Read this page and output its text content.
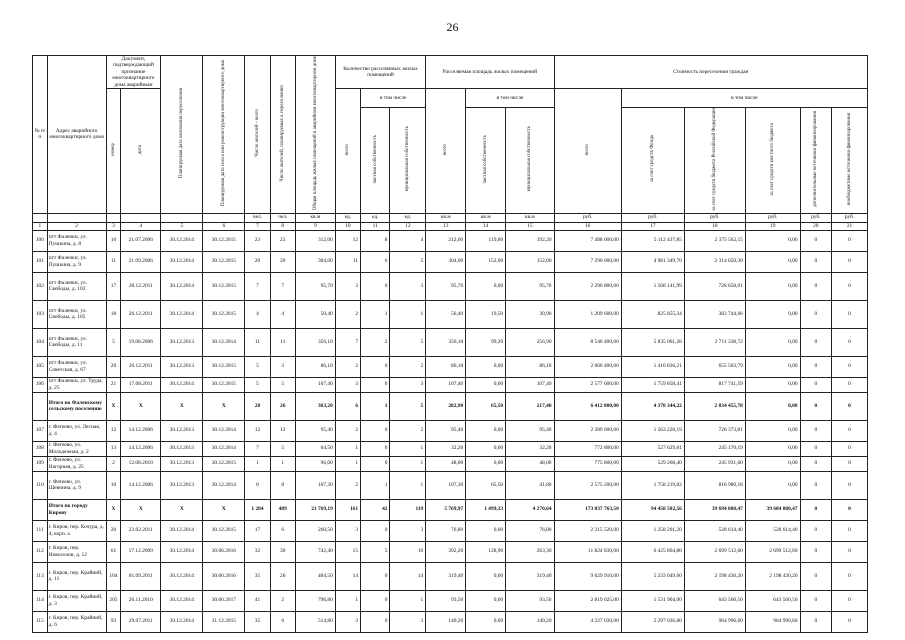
26
№ п/п	Адрес аварийного многоквартирного дома	Документ, подтверждающий признание многоквартирного дома аварийным		Планируемая дата окончания переселения	Планируемая дата сноса или реконструкции многоквартирного дома	Число жителей - всего	Число жителей, планируемых к переселению	Общая площадь жилых помещений в аварийном многоквартирном доме	Количество расселяемых жилых помещений			Расселяемая площадь жилых помещений			Стоимость переселения граждан					
		номер	дата						всего	в том числе		всего	в том числе		всего	в том числе				
										частная собственность	муниципальная собственность		частная собственность	муниципальная собственность		за счет средств Фонда	за счет средств бюджета Российской Федерации	за счет средств местного бюджета	дополнительные источники финансирования	внебюджетные источники финансирования
						чел.	чел.	кв.м	ед.	ед.	ед.	кв.м	кв.м	кв.м	руб.	руб.	руб.	руб.	руб.	руб.
1	2	3	4	5	6	7	8	9	10	11	12	13	14	15	16	17	18	19	20	21
100	пгт Фаленки, ул. Пушкина, д. 8	10	21.07.2006	30.12.2014	30.12.2015	23	23	312,00	12	8	4	212,00	119,80	192,20	7 488 000,00	5 112 437,85	2 375 562,15	0,00	0	0
101	пгт Фаленки, ул. Пушкина, д. 9	11	21.09.2006	30.12.2014	30.12.2015	20	20	304,00	11	6	5	304,00	152,00	152,00	7 296 000,00	4 981 349,70	2 314 650,30	0,00	0	0
102	пгт Фаленки, ул. Свободы, д. 102	17	28.12.2011	30.12.2014	30.12.2015	7	7	95,70	3	0	3	95,70	0,00	95,70	2 296 800,00	1 568 141,99	728 658,01	0,00	0	0
103	пгт Фаленки, ул. Свободы, д. 105	18	26.12.2011	30.12.2014	30.12.2015	4	4	50,40	2	1	1	50,40	19,50	30,90	1 209 600,00	825 855,34	383 744,66	0,00	0	0
104	пгт Фаленки, ул. Свободы, д. 11	5	19.08.2006	30.12.2013	30.12.2014	11	11	356,10	7	2	5	356,10	99,20	256,90	8 546 400,00	5 835 061,28	2 711 338,72	0,00	0	0
105	пгт Фаленки, ул. Советская, д. 67	20	26.12.2011	30.12.2013	30.12.2015	5	3	86,10	2	0	2	86,10	0,00	86,10	2 066 400,00	1 410 836,21	655 563,79	0,00	0	0
106	пгт Фаленки, ул. Труда, д. 25	21	17.08.2011	30.12.2014	30.12.2015	5	5	107,40	3	0	3	107,40	0,00	107,40	2 577 600,00	1 759 858,41	817 741,59	0,00	0	0
	Итого по Фаленскому сельскому поселению	X	X	X	X	28	26	363,20	6	1	5	282,90	65,50	217,40	6 412 800,00	4 378 344,22	2 034 455,78	0,00	0	0
107	г. Фатеево, ул. Лесная, д. 4	12	14.12.2006	30.12.2013	30.12.2014	12	12	95,40	2	0	2	95,40	0,00	95,40	2 289 600,00	1 563 226,19	726 373,81	0,00	0	0
108	г. Фатеево, ул. Молодежная, д. 2	13	14.12.2006	30.12.2013	30.12.2014	7	5	64,50	1	0	1	32,20	0,00	32,20	772 800,00	527 629,81	245 170,19	0,00	0	0
109	г. Фатеево, ул. Нагорная, д. 25	2	12.08.2010	30.12.2013	30.12.2015	1	1	96,00	1	0	1	48,00	0,00	48,00	775 800,00	529 268,40	245 931,60	0,00	0	0
110	г. Фатеево, ул. Шевнина, д. 9	10	14.12.2006	30.12.2013	30.12.2014	8	8	107,30	2	1	1	107,30	65,50	41,80	2 575 200,00	1 758 219,82	816 980,18	0,00	0	0
	Итого по городу Кирову	X	X	X	X	1 284	489	21 769,19	161	42	119	5 769,97	1 499,33	4 270,64	173 837 763,50	94 458 502,56	39 694 880,47	39 684 880,47	0	0
111	г. Киров, пер. Кочура, д. 4, корп. а	20	23.02.2011	30.12.2014	30.12.2015	17	6	260,50	3	0	3	76,80	0,00	76,80	2 315 520,00	1 258 201,20	528 614,40	528 614,40	0	0
112	г. Киров, пер. Новоселов, д. 12	61	17.12.2009	30.12.2014	30.06.2016	32	30	742,40	15	5	10	392,20	128,90	263,30	11 824 830,00	6 425 804,80	2 699 512,60	2 699 512,60	0	0
113	г. Киров, пер. Крайний, д. 11	104	01.09.2011	30.12.2014	30.06.2016	35	26	404,50	14	0	14	319,40	0,00	319,40	9 629 910,00	5 233 049,60	2 198 430,20	2 198 430,20	0	0
114	г. Киров, пер. Крайний, д. 3	205	26.11.2010	30.12.2014	30.06.2017	41	2	796,80	1	0	1	93,50	0,00	93,50	2 819 025,00	1 531 904,00	643 560,50	643 560,50	0	0
115	г. Киров, пер. Крайний, д. 6	93	29.07.2011	30.12.2014	31.12.2015	35	6	514,80	3	0	3	140,20	0,00	140,20	4 227 030,00	2 297 036,80	964 996,60	964 996,60	0	0
